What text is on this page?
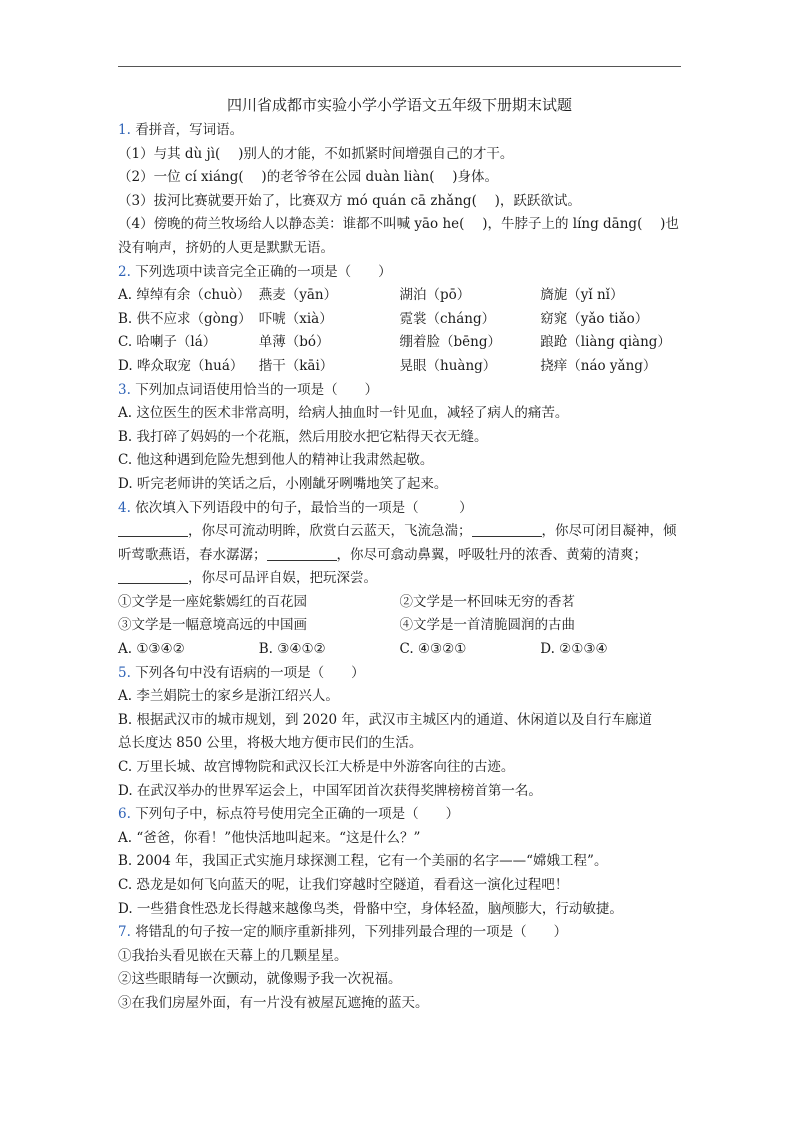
四川省成都市实验小学小学语文五年级下册期末试题
1. 看拼音，写词语。
（1）与其 dù jì(　 )别人的才能，不如抓紧时间增强自己的才干。
（2）一位 cí xiáng(　 )的老爷爷在公园 duàn liàn(　 )身体。
（3）拔河比赛就要开始了，比赛双方 mó quán cā zhǎng(　 )，跃跃欲试。
（4）傍晚的荷兰牧场给人以静态美：谁都不叫喊 yāo he(　 )，牛脖子上的 líng dāng(　 )也
没有响声，挤奶的人更是默默无语。
2. 下列选项中读音完全正确的一项是（　　）
A. 绰绰有余（chuò） 燕麦（yān）	湖泊（pō）	旖旎（yǐ nǐ）
B. 供不应求（gòng） 吓唬（xià）	霓裳（cháng）	窈窕（yǎo tiǎo）
C. 哈喇子（lá）	单薄（bó）	绷着脸（bēng）	踉跄（liàng qiàng）
D. 哗众取宠（huá）	揩干（kāi）	晃眼（huàng）	挠痒（náo yǎng）
3. 下列加点词语使用恰当的一项是（　　）
A. 这位医生的医术非常高明，给病人抽血时一针见血，减轻了病人的痛苦。
B. 我打碎了妈妈的一个花瓶，然后用胶水把它粘得天衣无缝。
C. 他这种遇到危险先想到他人的精神让我肃然起敬。
D. 听完老师讲的笑话之后，小刚龇牙咧嘴地笑了起来。
4. 依次填入下列语段中的句子，最恰当的一项是（　　　）
，你尽可流动明眸，欣赏白云蓝天，飞流急湍；	，你尽可闭目凝神，倾听莺歌燕语，春水潺潺；	，你尽可翕动鼻翼，呼吸牡丹的浓香、黄菊的清爽；，你尽可品评自娱，把玩深尝。
①文学是一座姹紫嫣红的百花园	②文学是一杯回味无穷的香茗
③文学是一幅意境高远的中国画	④文学是一首清脆圆润的古曲
A. ①③④②	B. ③④①②	C. ④③②①	D. ②①③④
5. 下列各句中没有语病的一项是（　　）
A. 李兰娟院士的家乡是浙江绍兴人。
B. 根据武汉市的城市规划，到 2020 年，武汉市主城区内的通道、休闲道以及自行车廊道
总长度达 850 公里，将极大地方便市民们的生活。
C. 万里长城、故宫博物院和武汉长江大桥是中外游客向往的古迹。
D. 在武汉举办的世界军运会上，中国军团首次获得奖牌榜榜首第一名。
6. 下列句子中，标点符号使用完全正确的一项是（　　）
A. “爸爸，你看！”他快活地叫起来。“这是什么？”
B. 2004 年，我国正式实施月球探测工程，它有一个美丽的名字——“嫦娥工程”。
C. 恐龙是如何飞向蓝天的呢，让我们穿越时空隧道，看看这一演化过程吧！
D. 一些猎食性恐龙长得越来越像鸟类，骨骼中空，身体轻盈，脑颅膨大，行动敏捷。
7. 将错乱的句子按一定的顺序重新排列，下列排列最合理的一项是（　　）
①我抬头看见嵌在天幕上的几颗星星。
②这些眼睛每一次颤动，就像赐予我一次祝福。
③在我们房屋外面，有一片没有被屋瓦遮掩的蓝天。
